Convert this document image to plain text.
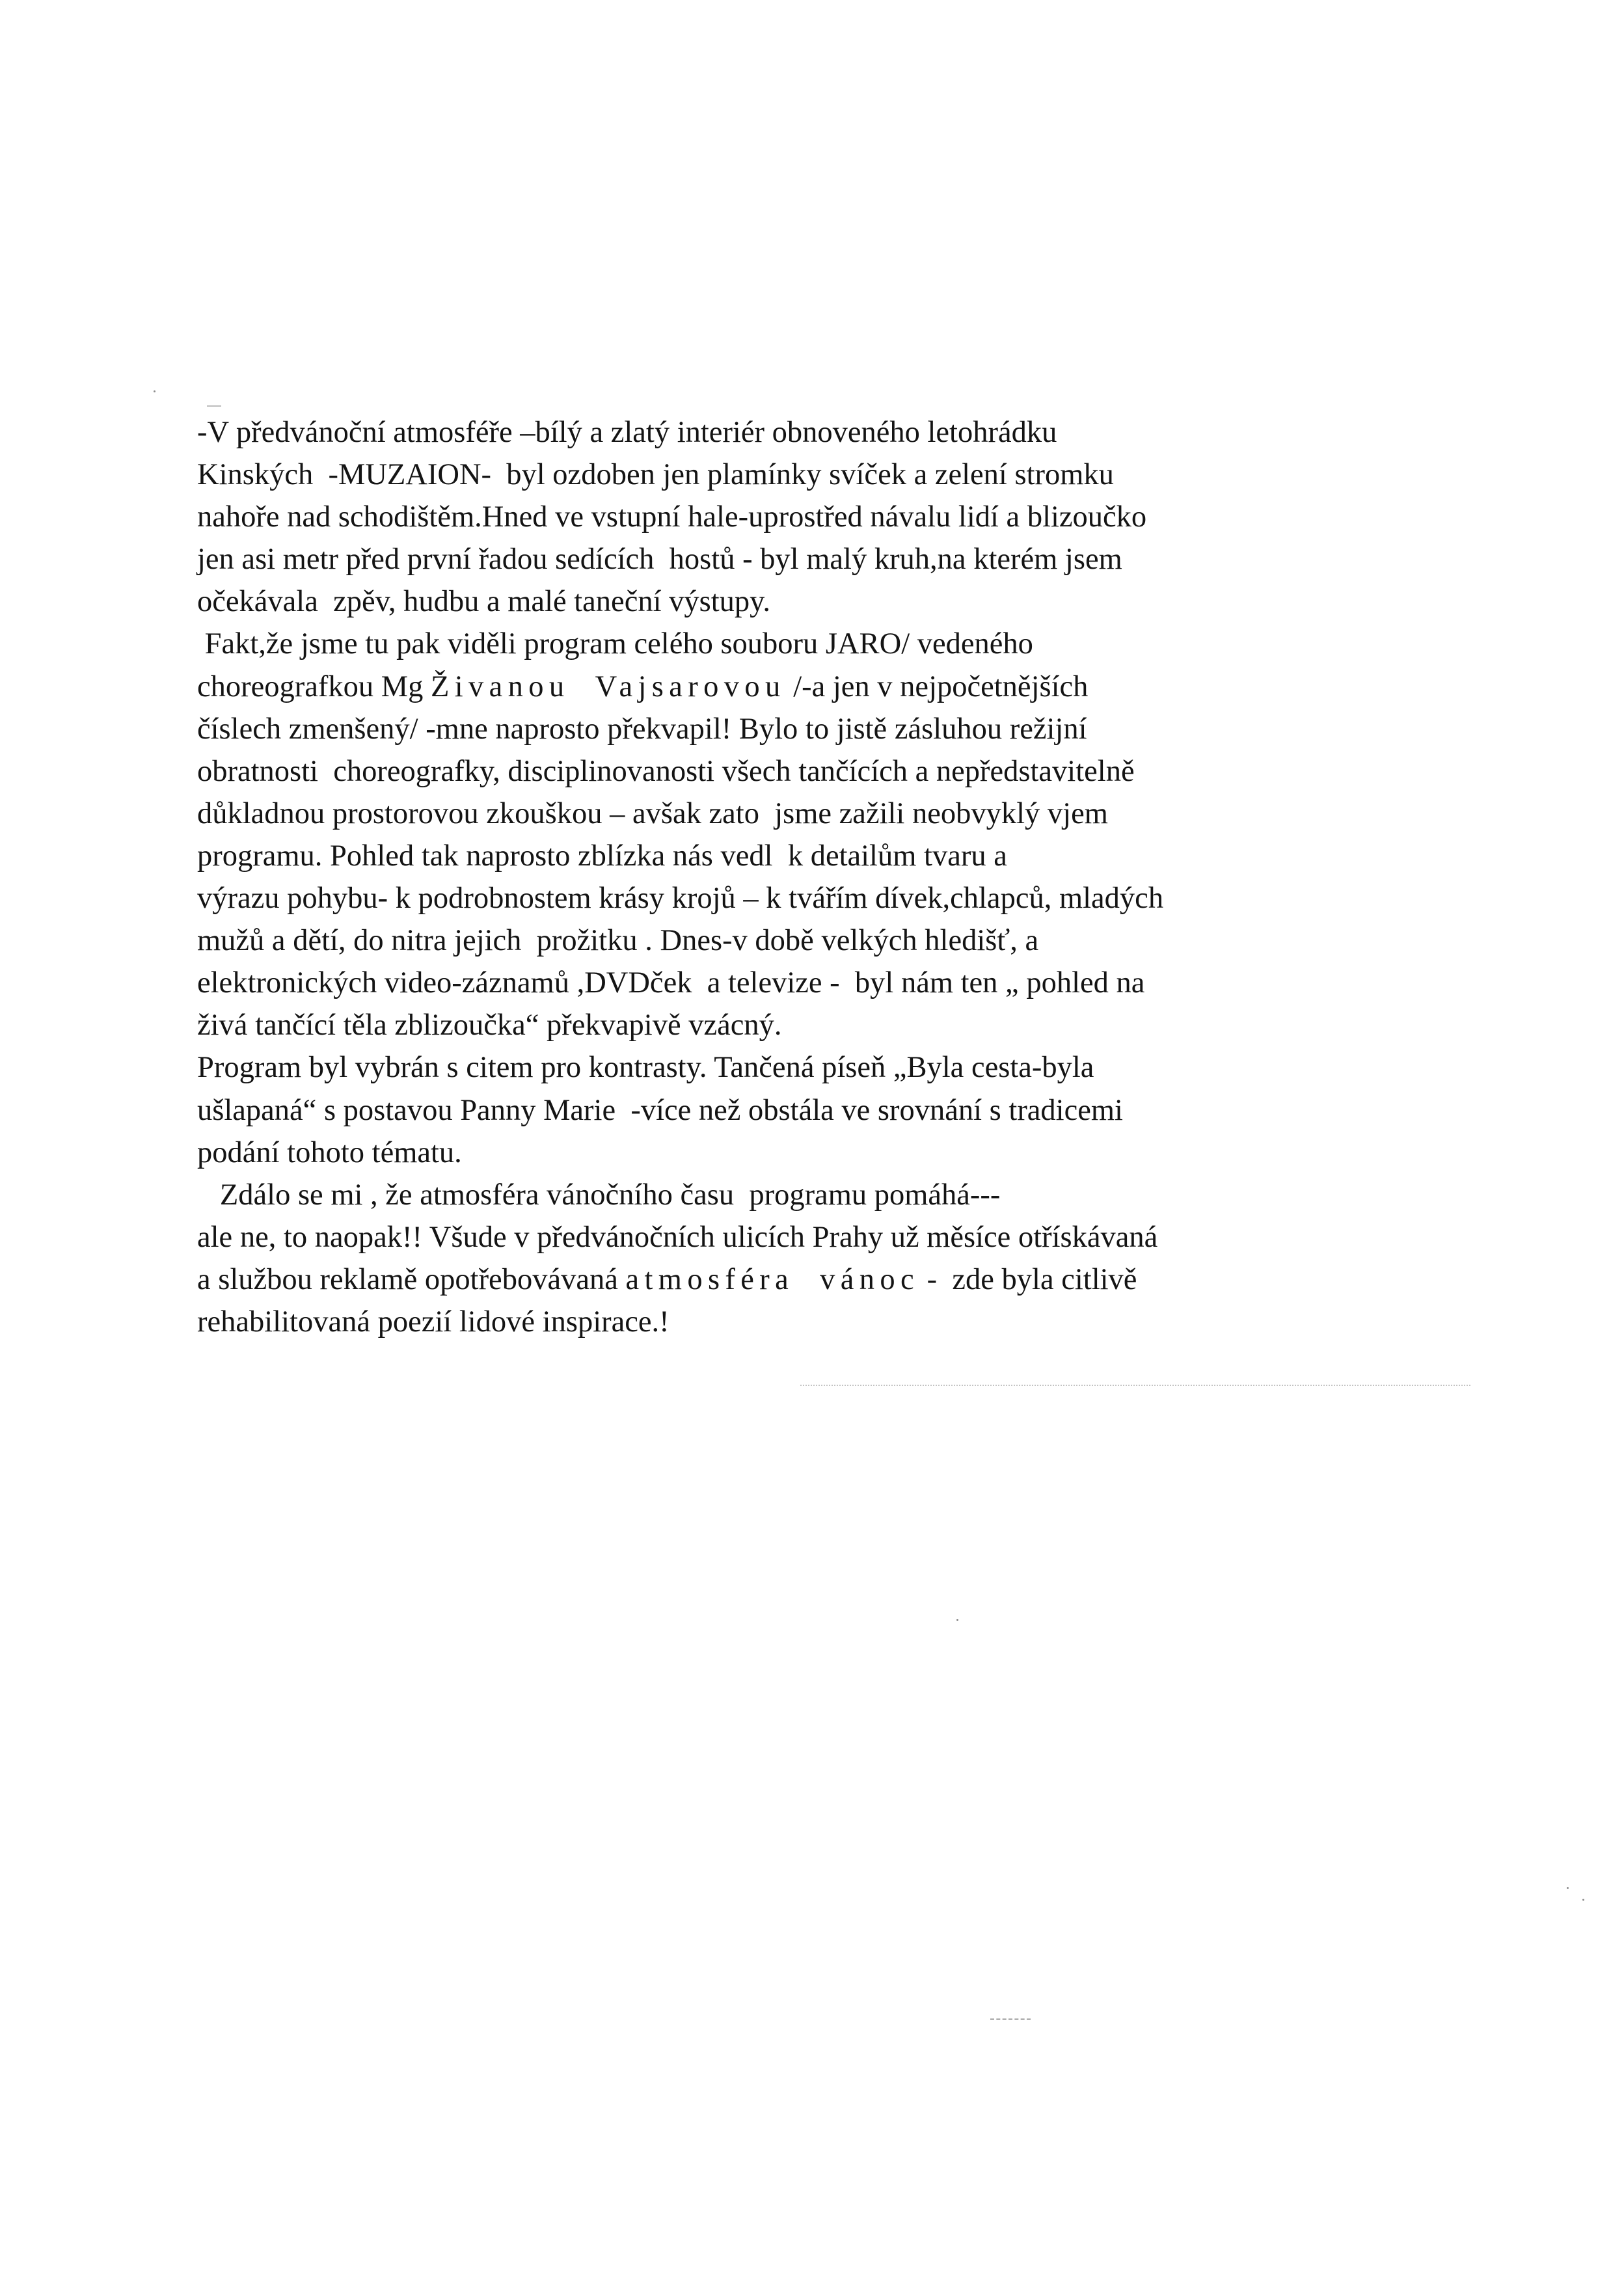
-V předvánoční atmosféře –bílý a zlatý interiér obnoveného letohrádku
Kinských  -MUZAION-  byl ozdoben jen plamínky svíček a zelení stromku
nahoře nad schodištěm.Hned ve vstupní hale-uprostřed návalu lidí a blizoučko
jen asi metr před první řadou sedících  hostů - byl malý kruh,na kterém jsem
očekávala  zpěv, hudbu a malé taneční výstupy.
Fakt,že jsme tu pak viděli program celého souboru JARO/ vedeného
choreografkou Mg Živanou  Vajsarovou /-a jen v nejpočetnějších
číslech zmenšený/ -mne naprosto překvapil! Bylo to jistě zásluhou režijní
obratnosti  choreografky, disciplinovanosti všech tančících a nepředstavitelně
důkladnou prostorovou zkouškou – avšak zato  jsme zažili neobvyklý vjem
programu. Pohled tak naprosto zblízka nás vedl  k detailům tvaru a
výrazu pohybu- k podrobnostem krásy krojů – k tvářím dívek,chlapců, mladých
mužů a dětí, do nitra jejich  prožitku . Dnes-v době velkých hledišť, a
elektronických video-záznamů ,DVDček  a televize -  byl nám ten „ pohled na
živá tančící těla zblizoučka“ překvapivě vzácný.
Program byl vybrán s citem pro kontrasty. Tančená píseň „Byla cesta-byla
ušlapaná“ s postavou Panny Marie  -více než obstála ve srovnání s tradicemi
podání tohoto tématu.
Zdálo se mi , že atmosféra vánočního času  programu pomáhá---
ale ne, to naopak!! Všude v předvánočních ulicích Prahy už měsíce otřískávaná
a službou reklamě opotřebovávaná atmosféra  vánoc -  zde byla citlivě
rehabilitovaná poezií lidové inspirace.!
